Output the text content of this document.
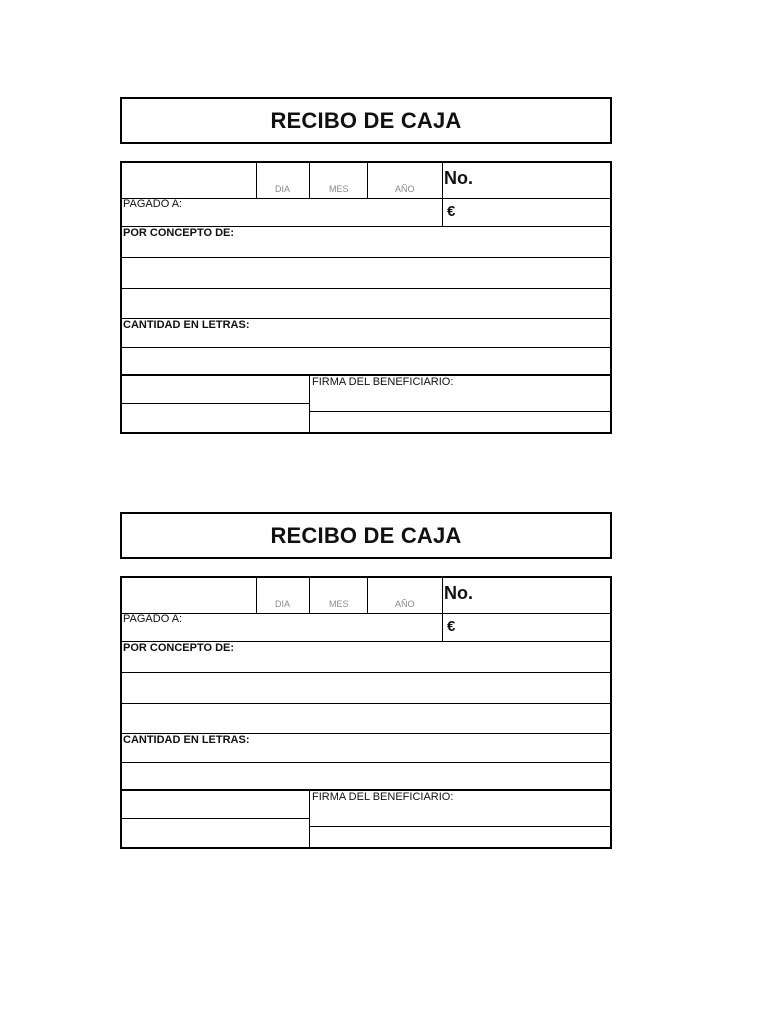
RECIBO DE CAJA
DIA	MES	AÑO
No.
PAGADO A:	€
POR CONCEPTO DE:
CANTIDAD EN LETRAS:
FIRMA DEL BENEFICIARIO:
RECIBO DE CAJA
DIA	MES	AÑO
No.
PAGADO A:	€
POR CONCEPTO DE:
CANTIDAD EN LETRAS:
FIRMA DEL BENEFICIARIO:
